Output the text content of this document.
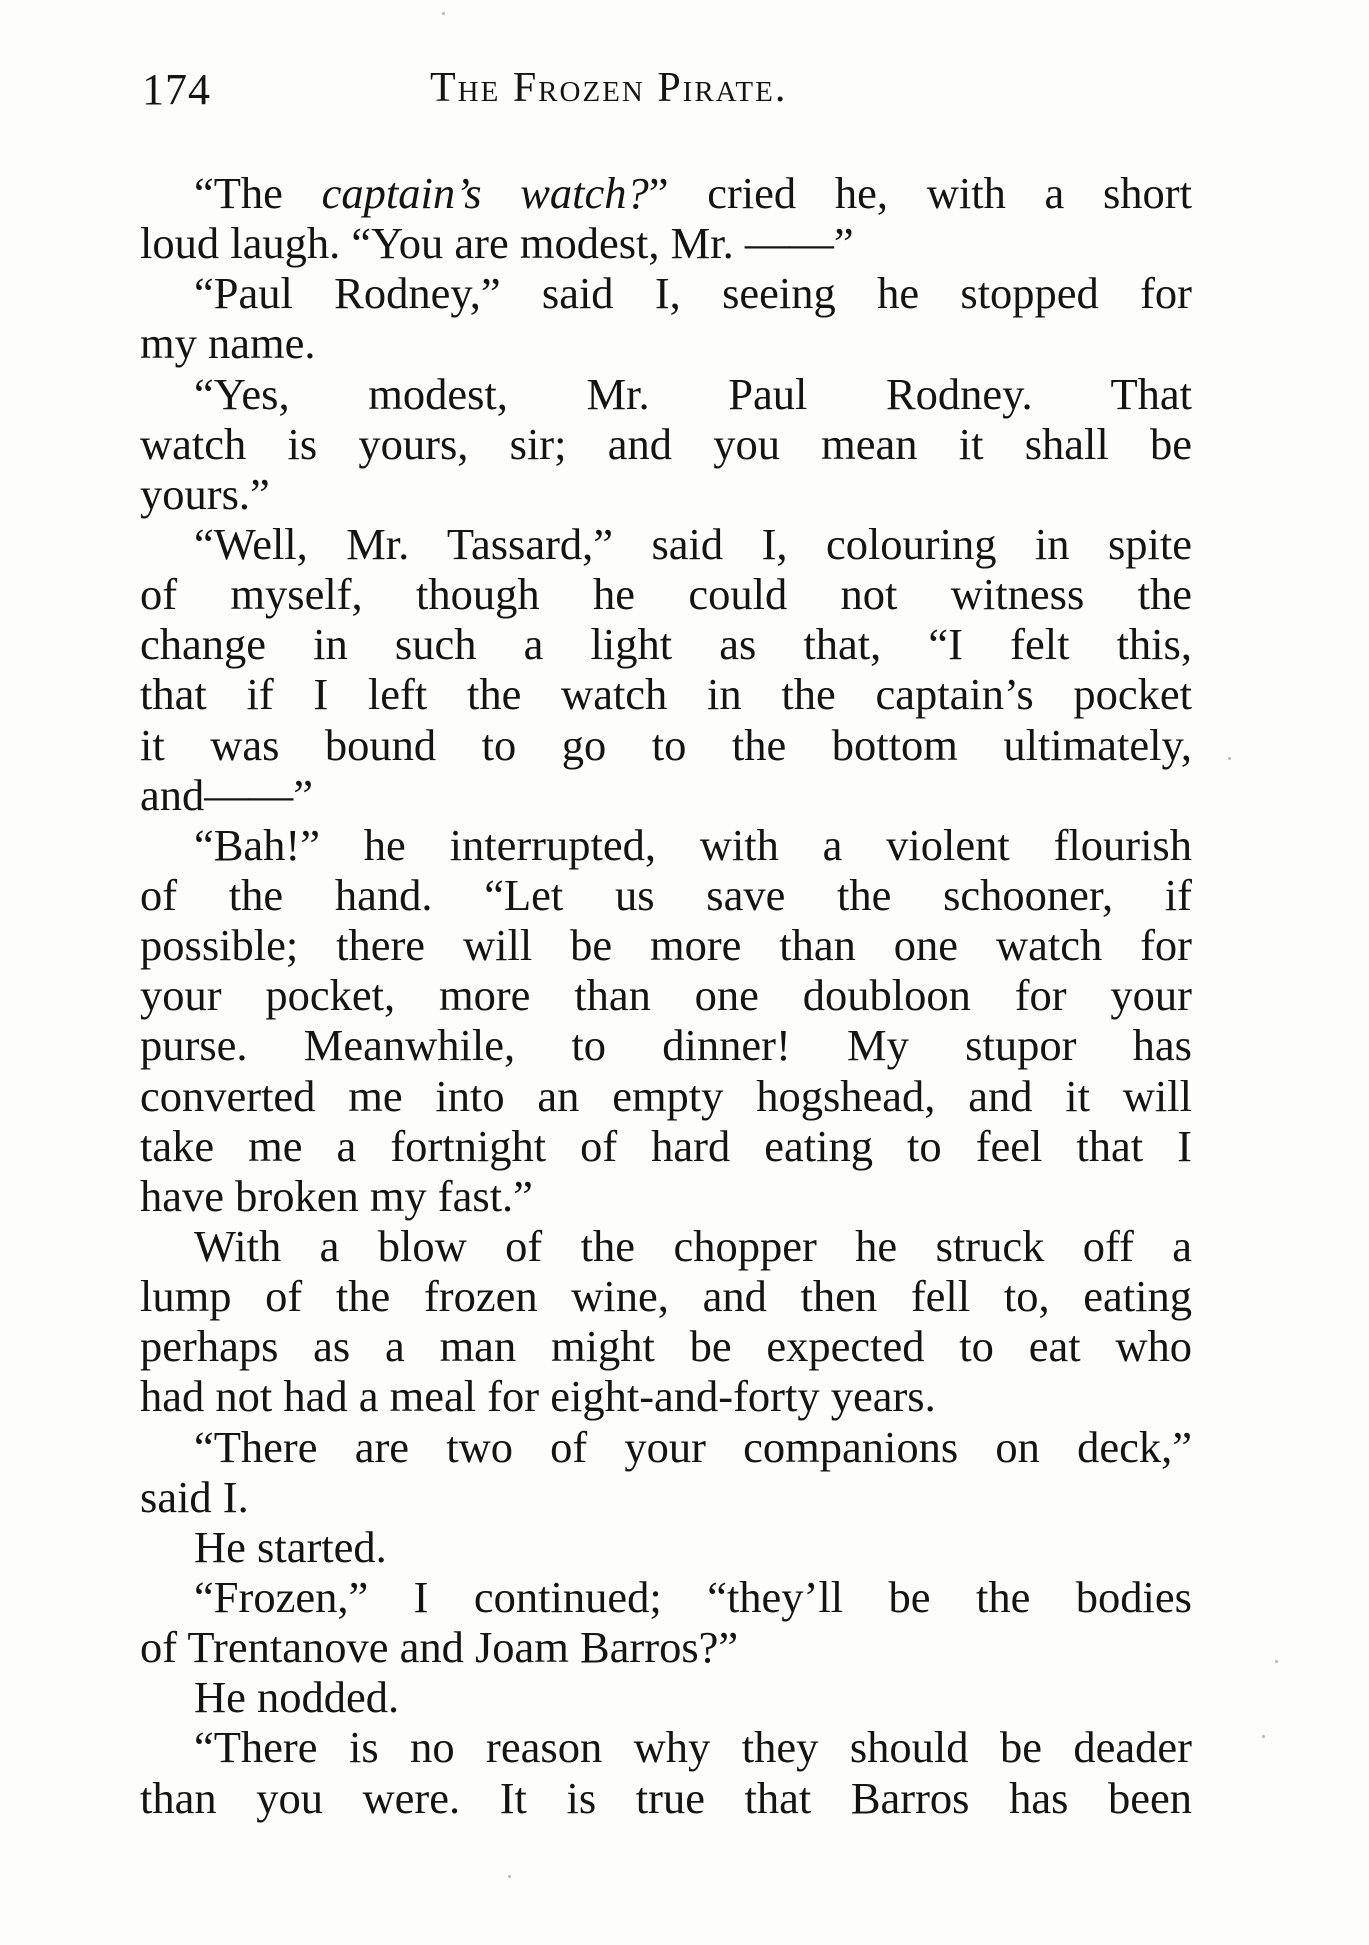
174	The Frozen Pirate.
“The captain’s watch?” cried he, with a short
loud laugh. “You are modest, Mr. ——”
“Paul Rodney,” said I, seeing he stopped for
my name.
“Yes, modest, Mr. Paul Rodney. That
watch is yours, sir; and you mean it shall be
yours.”
“Well, Mr. Tassard,” said I, colouring in spite
of myself, though he could not witness the
change in such a light as that, “I felt this,
that if I left the watch in the captain’s pocket
it was bound to go to the bottom ultimately,
and——”
“Bah!” he interrupted, with a violent flourish
of the hand. “Let us save the schooner, if
possible; there will be more than one watch for
your pocket, more than one doubloon for your
purse. Meanwhile, to dinner! My stupor has
converted me into an empty hogshead, and it will
take me a fortnight of hard eating to feel that I
have broken my fast.”
With a blow of the chopper he struck off a
lump of the frozen wine, and then fell to, eating
perhaps as a man might be expected to eat who
had not had a meal for eight-and-forty years.
“There are two of your companions on deck,”
said I.
He started.
“Frozen,” I continued; “they’ll be the bodies
of Trentanove and Joam Barros?”
He nodded.
“There is no reason why they should be deader
than you were. It is true that Barros has been
